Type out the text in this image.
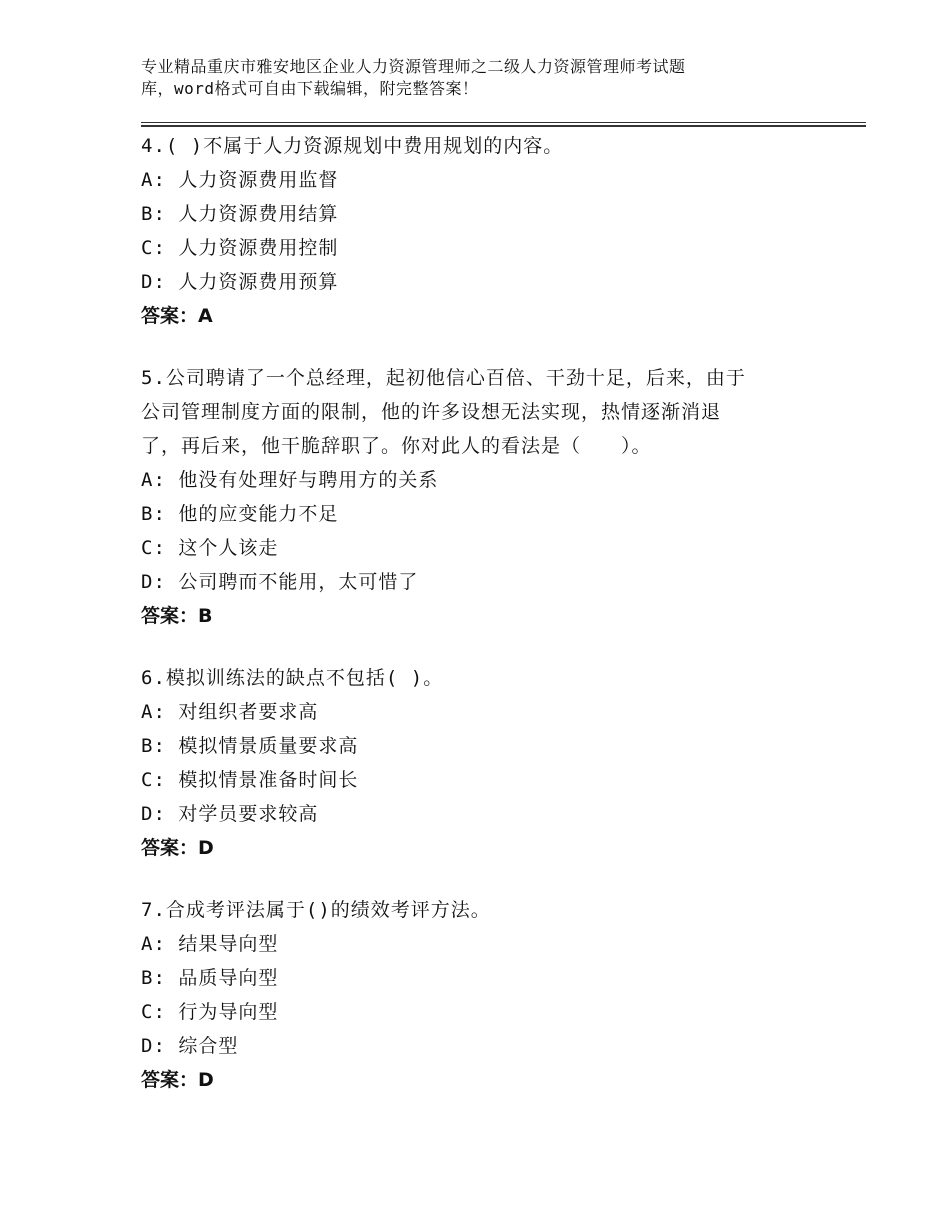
专业精品重庆市雅安地区企业人力资源管理师之二级人力资源管理师考试题
库，word格式可自由下载编辑，附完整答案！

4.( )不属于人力资源规划中费用规划的内容。

A: 人力资源费用监督

B: 人力资源费用结算

C: 人力资源费用控制

D: 人力资源费用预算

答案：A

5.公司聘请了一个总经理，起初他信心百倍、干劲十足，后来，由于
公司管理制度方面的限制，他的许多设想无法实现，热情逐渐消退
了，再后来，他干脆辞职了。你对此人的看法是（　　）。

A: 他没有处理好与聘用方的关系

B: 他的应变能力不足

C: 这个人该走

D: 公司聘而不能用，太可惜了

答案：B

6.模拟训练法的缺点不包括( )。

A: 对组织者要求高

B: 模拟情景质量要求高

C: 模拟情景准备时间长

D: 对学员要求较高

答案：D

7.合成考评法属于()的绩效考评方法。

A: 结果导向型

B: 品质导向型

C: 行为导向型

D: 综合型

答案：D
